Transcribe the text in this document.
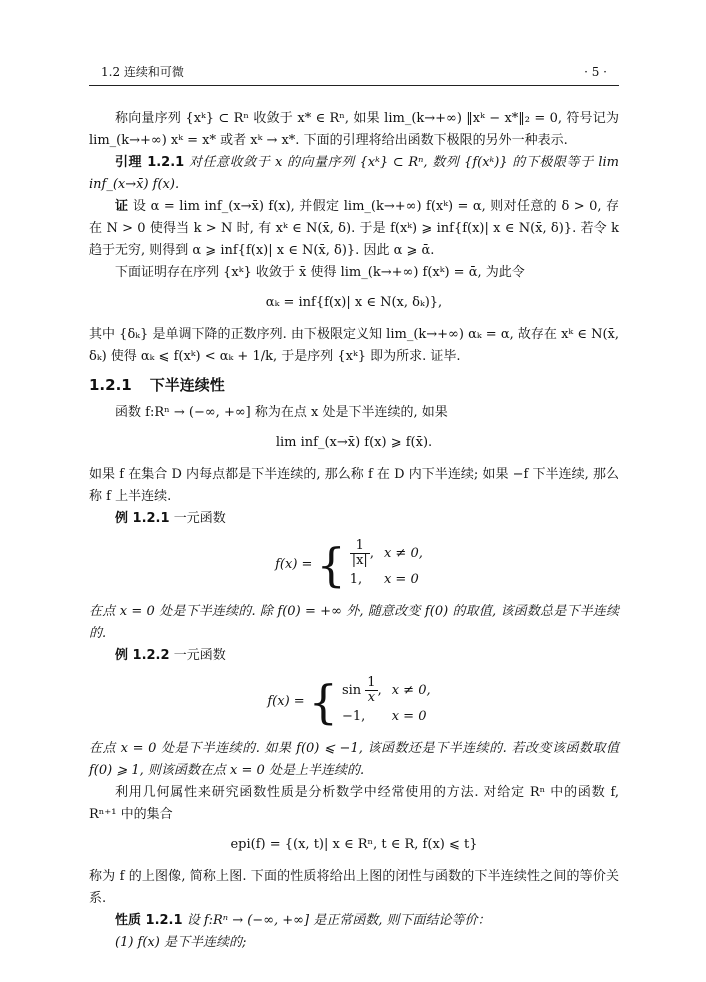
1.2 连续和可微	· 5 ·

称向量序列 {xᵏ} ⊂ Rⁿ 收敛于 x* ∈ Rⁿ, 如果 lim_(k→+∞) ‖xᵏ − x*‖₂ = 0, 符号记为 lim_(k→+∞) xᵏ = x* 或者 xᵏ → x*. 下面的引理将给出函数下极限的另外一种表示.

引理 1.2.1 对任意收敛于 x 的向量序列 {xᵏ} ⊂ Rⁿ, 数列 {f(xᵏ)} 的下极限等于 lim inf_(x→x̄) f(x).

证 设 α = lim inf_(x→x̄) f(x), 并假定 lim_(k→+∞) f(xᵏ) = α, 则对任意的 δ > 0, 存在 N > 0 使得当 k > N 时, 有 xᵏ ∈ N(x̄, δ). 于是 f(xᵏ) ⩾ inf{f(x)| x ∈ N(x̄, δ)}. 若令 k 趋于无穷, 则得到 α ⩾ inf{f(x)| x ∈ N(x̄, δ)}. 因此 α ⩾ ᾱ.

下面证明存在序列 {xᵏ} 收敛于 x̄ 使得 lim_(k→+∞) f(xᵏ) = ᾱ, 为此令

αₖ = inf{f(x)| x ∈ N(x, δₖ)},

其中 {δₖ} 是单调下降的正数序列. 由下极限定义知 lim_(k→+∞) αₖ = α, 故存在 xᵏ ∈ N(x̄, δₖ) 使得 αₖ ⩽ f(xᵏ) < αₖ + 1/k, 于是序列 {xᵏ} 即为所求. 证毕.

1.2.1 下半连续性

函数 f:Rⁿ → (−∞, +∞] 称为在点 x 处是下半连续的, 如果

lim inf_(x→x̄) f(x) ⩾ f(x̄).

如果 f 在集合 D 内每点都是下半连续的, 那么称 f 在 D 内下半连续; 如果 −f 下半连续, 那么称 f 上半连续.

例 1.2.1 一元函数

f(x) = { $\frac{1}{|x|}$ ,	x ≠ 0,
1,	x = 0

在点 x = 0 处是下半连续的. 除 f(0) = +∞ 外, 随意改变 f(0) 的取值, 该函数总是下半连续的.

例 1.2.2 一元函数

f(x) = { $\sin \frac{1}{x}$ ,	x ≠ 0,
−1,	x = 0

在点 x = 0 处是下半连续的. 如果 f(0) ⩽ −1, 该函数还是下半连续的. 若改变该函数取值 f(0) ⩾ 1, 则该函数在点 x = 0 处是上半连续的.

利用几何属性来研究函数性质是分析数学中经常使用的方法. 对给定 Rⁿ 中的函数 f, Rⁿ⁺¹ 中的集合

epi(f) = {(x, t)| x ∈ Rⁿ, t ∈ R, f(x) ⩽ t}

称为 f 的上图像, 简称上图. 下面的性质将给出上图的闭性与函数的下半连续性之间的等价关系.

性质 1.2.1 设 f:Rⁿ → (−∞, +∞] 是正常函数, 则下面结论等价：

(1) f(x) 是下半连续的;
